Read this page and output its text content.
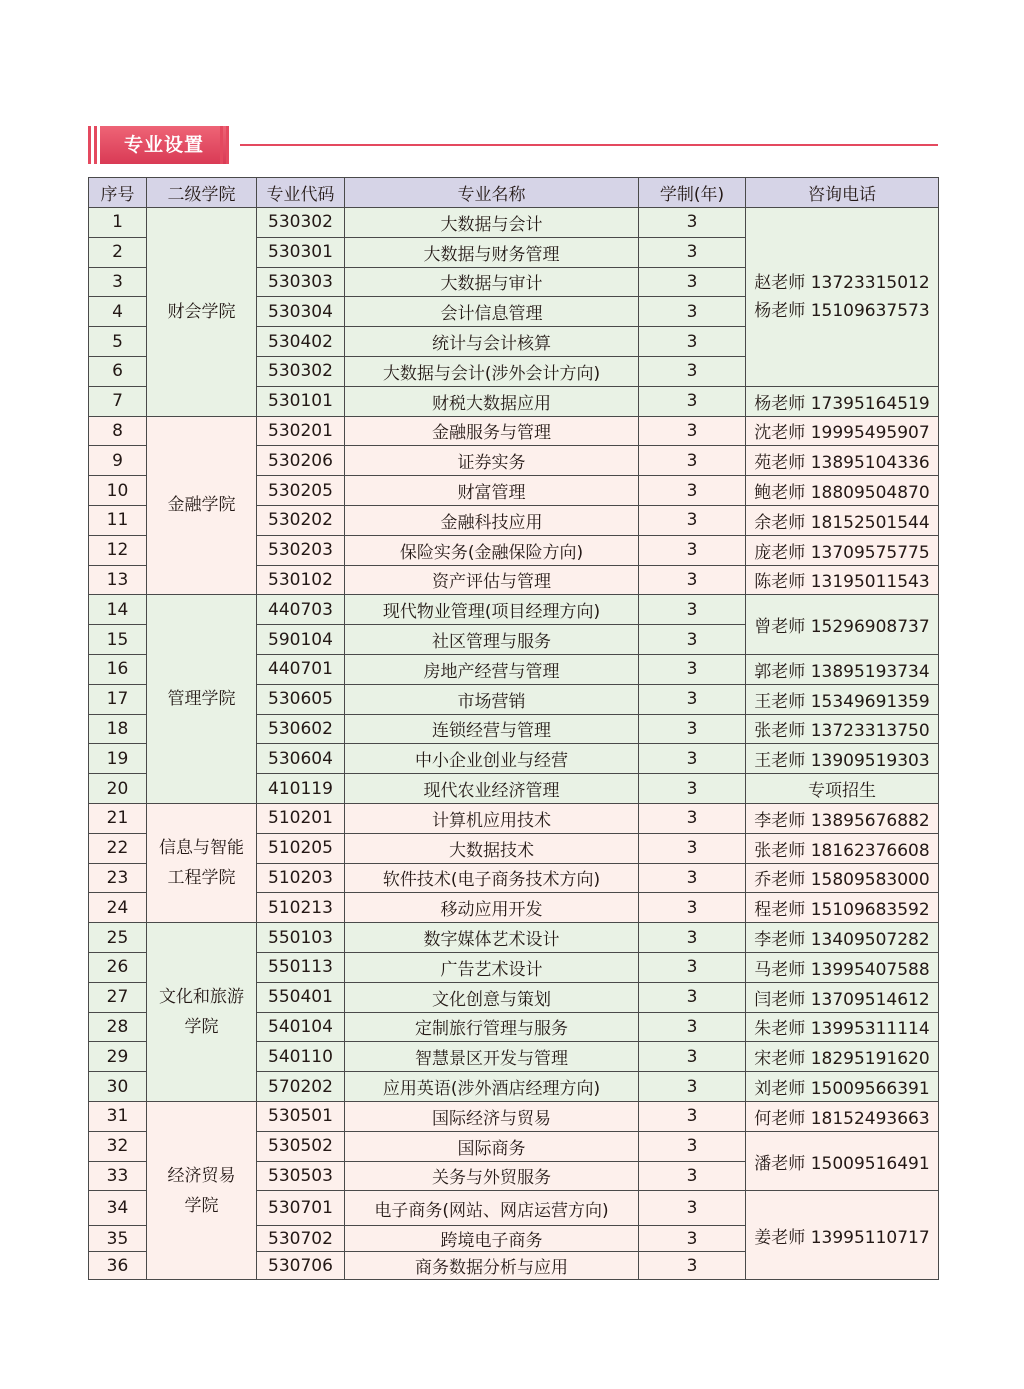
专业设置
序号	二级学院	专业代码	专业名称	学制(年)	咨询电话
1	财会学院	530302	大数据与会计	3	赵老师 13723315012
杨老师 15109637573
2		530301	大数据与财务管理	3	
3		530303	大数据与审计	3	
4		530304	会计信息管理	3	
5		530402	统计与会计核算	3	
6		530302	大数据与会计(涉外会计方向)	3	
7		530101	财税大数据应用	3	杨老师 17395164519
8	金融学院	530201	金融服务与管理	3	沈老师 19995495907
9		530206	证券实务	3	苑老师 13895104336
10		530205	财富管理	3	鲍老师 18809504870
11		530202	金融科技应用	3	余老师 18152501544
12		530203	保险实务(金融保险方向)	3	庞老师 13709575775
13		530102	资产评估与管理	3	陈老师 13195011543
14	管理学院	440703	现代物业管理(项目经理方向)	3	曾老师 15296908737
15		590104	社区管理与服务	3	
16		440701	房地产经营与管理	3	郭老师 13895193734
17		530605	市场营销	3	王老师 15349691359
18		530602	连锁经营与管理	3	张老师 13723313750
19		530604	中小企业创业与经营	3	王老师 13909519303
20		410119	现代农业经济管理	3	专项招生
21	信息与智能
工程学院	510201	计算机应用技术	3	李老师 13895676882
22		510205	大数据技术	3	张老师 18162376608
23		510203	软件技术(电子商务技术方向)	3	乔老师 15809583000
24		510213	移动应用开发	3	程老师 15109683592
25	文化和旅游
学院	550103	数字媒体艺术设计	3	李老师 13409507282
26		550113	广告艺术设计	3	马老师 13995407588
27		550401	文化创意与策划	3	闫老师 13709514612
28		540104	定制旅行管理与服务	3	朱老师 13995311114
29		540110	智慧景区开发与管理	3	宋老师 18295191620
30		570202	应用英语(涉外酒店经理方向)	3	刘老师 15009566391
31	经济贸易
学院	530501	国际经济与贸易	3	何老师 18152493663
32		530502	国际商务	3	潘老师 15009516491
33		530503	关务与外贸服务	3	
34		530701	电子商务(网站、网店运营方向)	3	姜老师 13995110717
35		530702	跨境电子商务	3	
36		530706	商务数据分析与应用	3	
